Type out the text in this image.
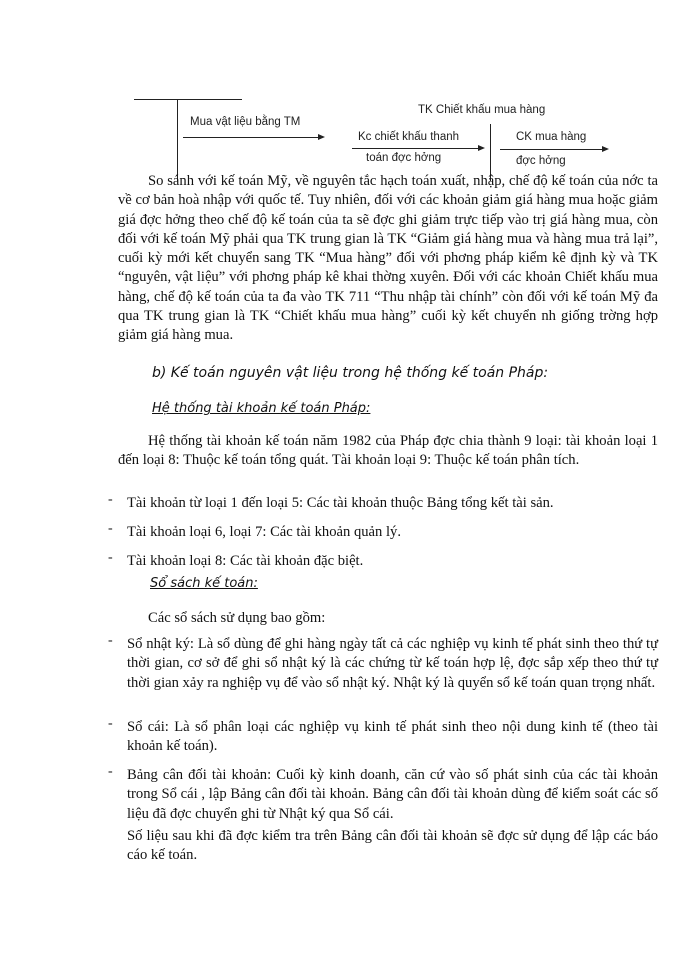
Mua vật liệu bằng TM
TK Chiết khấu mua hàng
Kc chiết khấu thanh
toán đợc hởng
CK mua hàng
đợc hởng

So sánh với kế toán Mỹ, về nguyên tắc hạch toán xuất, nhập, chế độ kế toán của nớc ta về cơ bản hoà nhập với quốc tế. Tuy nhiên, đối với các khoản giảm giá hàng mua hoặc giảm giá đợc hởng theo chế độ kế toán của ta sẽ đợc ghi giảm trực tiếp vào trị giá hàng mua, còn đối với kế toán Mỹ phải qua TK trung gian là TK “Giảm giá hàng mua và hàng mua trả lại”, cuối kỳ mới kết chuyển sang TK “Mua hàng” đối với phơng pháp kiểm kê định kỳ và TK “nguyên, vật liệu” với phơng pháp kê khai thờng xuyên. Đối với các khoản Chiết khấu mua hàng, chế độ kế toán của ta đa vào TK 711 “Thu nhập tài chính” còn đối với kế toán Mỹ đa qua TK trung gian là TK “Chiết khấu mua hàng” cuối kỳ kết chuyển nh giống trờng hợp giảm giá hàng mua.

b) Kế toán nguyên vật liệu trong hệ thống kế toán Pháp:
Hệ thống tài khoản kế toán Pháp:

Hệ thống tài khoản kế toán năm 1982 của Pháp đợc chia thành 9 loại: tài khoản loại 1 đến loại 8: Thuộc kế toán tổng quát. Tài khoản loại 9: Thuộc kế toán phân tích.

- Tài khoản từ loại 1 đến loại 5: Các tài khoản thuộc Bảng tổng kết tài sản.
- Tài khoản loại 6, loại 7: Các tài khoản quản lý.
- Tài khoản loại 8: Các tài khoản đặc biệt.
Sổ sách kế toán:
Các sổ sách sử dụng bao gồm:
- Sổ nhật ký: Là sổ dùng để ghi hàng ngày tất cả các nghiệp vụ kinh tế phát sinh theo thứ tự thời gian, cơ sở để ghi sổ nhật ký là các chứng từ kế toán hợp lệ, đợc sắp xếp theo thứ tự thời gian xảy ra nghiệp vụ để vào sổ nhật ký. Nhật ký là quyển sổ kế toán quan trọng nhất.

- Sổ cái: Là sổ phân loại các nghiệp vụ kinh tế phát sinh theo nội dung kinh tế (theo tài khoản kế toán).

- Bảng cân đối tài khoản: Cuối kỳ kinh doanh, căn cứ vào số phát sinh của các tài khoản trong Sổ cái , lập Bảng cân đối tài khoản. Bảng cân đối tài khoản dùng để kiểm soát các số liệu đã đợc chuyển ghi từ Nhật ký qua Sổ cái.

Số liệu sau khi đã đợc kiểm tra trên Bảng cân đối tài khoản sẽ đợc sử dụng để lập các báo cáo kế toán.
